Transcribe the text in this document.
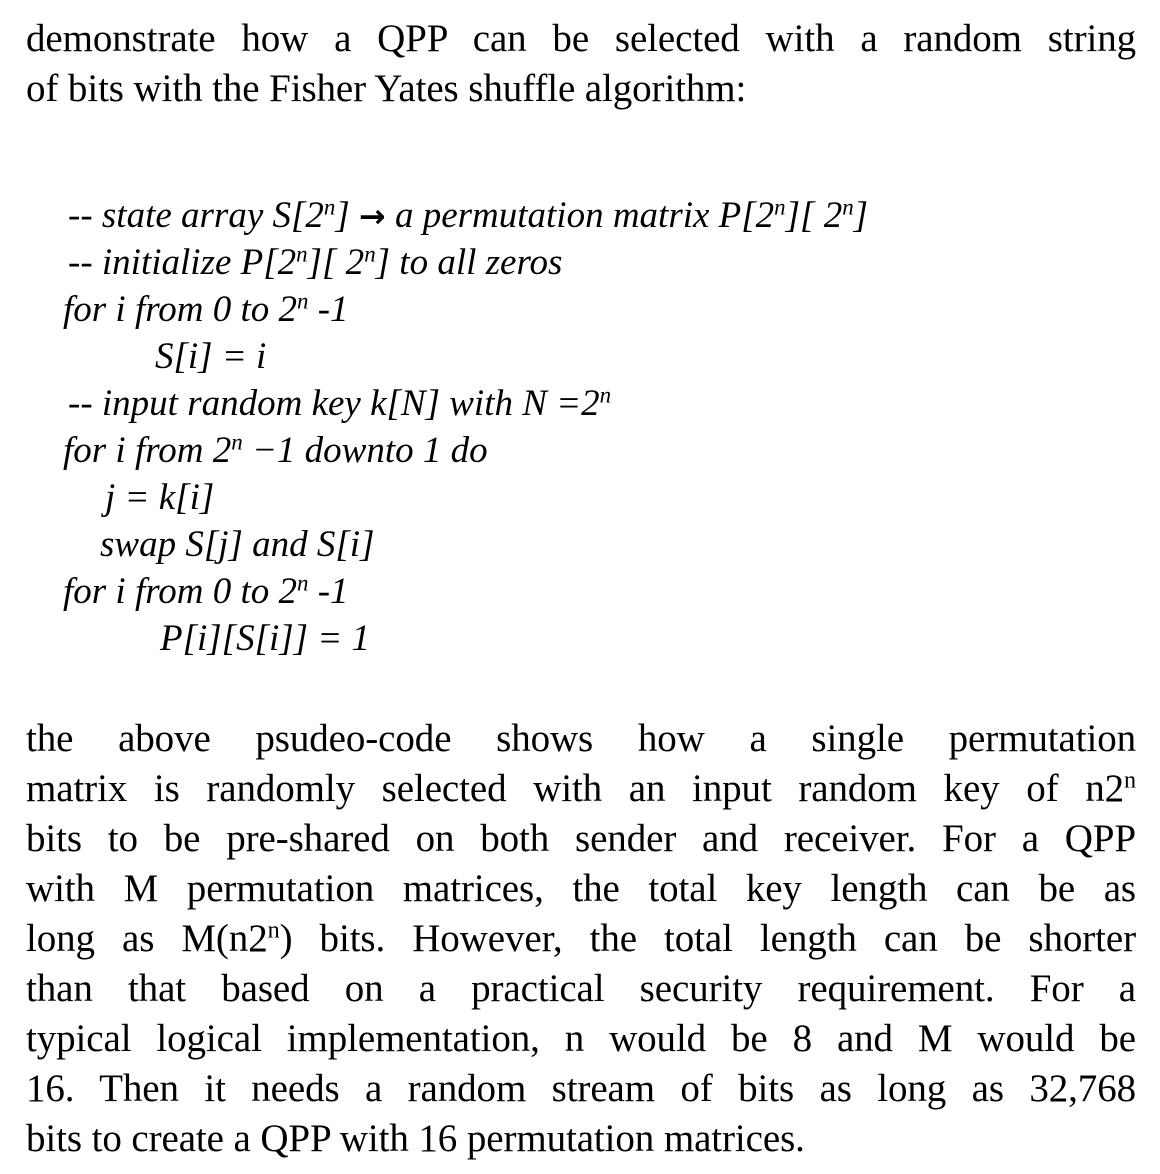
demonstrate how a QPP can be selected with a random string
of bits with the Fisher Yates shuffle algorithm:
-- state array $S[2^n] \to a$ permutation matrix P[2$^n$][ 2$^n$]
-- initialize P[2$^n$][ 2$^n$] to all zeros
for i from 0 to 2$^n$ -1
S[i] = i
-- input random key k[N] with $N =2^n$
for i from $2^n -1$ downto 1 do
j = k[i]
swap S[j] and S[i]
for i from 0 to 2$^n$ -1
P[i][S[i]] = 1
the above psudeo-code shows how a single permutation
matrix is randomly selected with an input random key of n2$^n$
bits to be pre-shared on both sender and receiver. For a QPP
with M permutation matrices, the total key length can be as
long as M(n2$^n$) bits. However, the total length can be shorter
than that based on a practical security requirement. For a
typical logical implementation, n would be 8 and M would be
16. Then it needs a random stream of bits as long as 32,768
bits to create a QPP with 16 permutation matrices.
